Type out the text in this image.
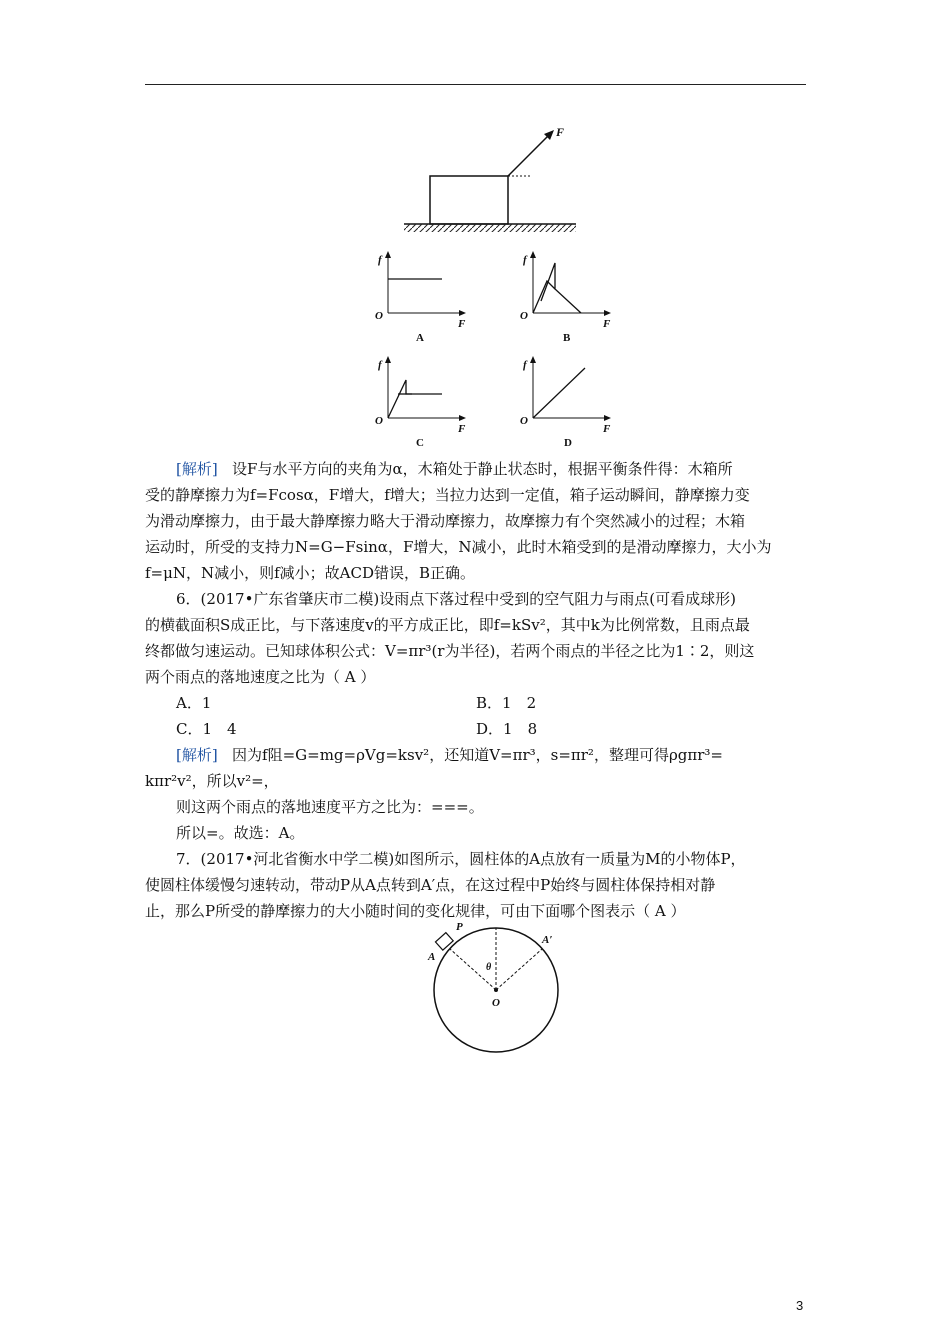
F
f
O
F
A
f
O
F
B
f
O
F
C
f
O
F
D
[解析] 设F与水平方向的夹角为α，木箱处于静止状态时，根据平衡条件得：木箱所
受的静摩擦力为f=Fcosα，F增大，f增大；当拉力达到一定值，箱子运动瞬间，静摩擦力变
为滑动摩擦力，由于最大静摩擦力略大于滑动摩擦力，故摩擦力有个突然减小的过程；木箱
运动时，所受的支持力N=G−Fsinα，F增大，N减小，此时木箱受到的是滑动摩擦力，大小为
f=μN，N减小，则f减小；故ACD错误，B正确。
6．(2017•广东省肇庆市二模)设雨点下落过程中受到的空气阻力与雨点(可看成球形)
的横截面积S成正比，与下落速度v的平方成正比，即f=kSv²，其中k为比例常数，且雨点最
终都做匀速运动。已知球体积公式：V=πr³(r为半径)，若两个雨点的半径之比为1∶2，则这
两个雨点的落地速度之比为（ A ）
A．1	B．1　2
C．1　4	D．1　8
[解析] 因为f阻=G=mg=ρVg=ksv²，还知道V=πr³，s=πr²，整理可得ρgπr³=
kπr²v²，所以v²=，
则这两个雨点的落地速度平方之比为：===。
所以=。故选：A。
7．(2017•河北省衡水中学二模)如图所示，圆柱体的A点放有一质量为M的小物体P，
使圆柱体缓慢匀速转动，带动P从A点转到A′点，在这过程中P始终与圆柱体保持相对静
止，那么P所受的静摩擦力的大小随时间的变化规律，可由下面哪个图表示（ A ）
P
A
A′
θ
O
3
